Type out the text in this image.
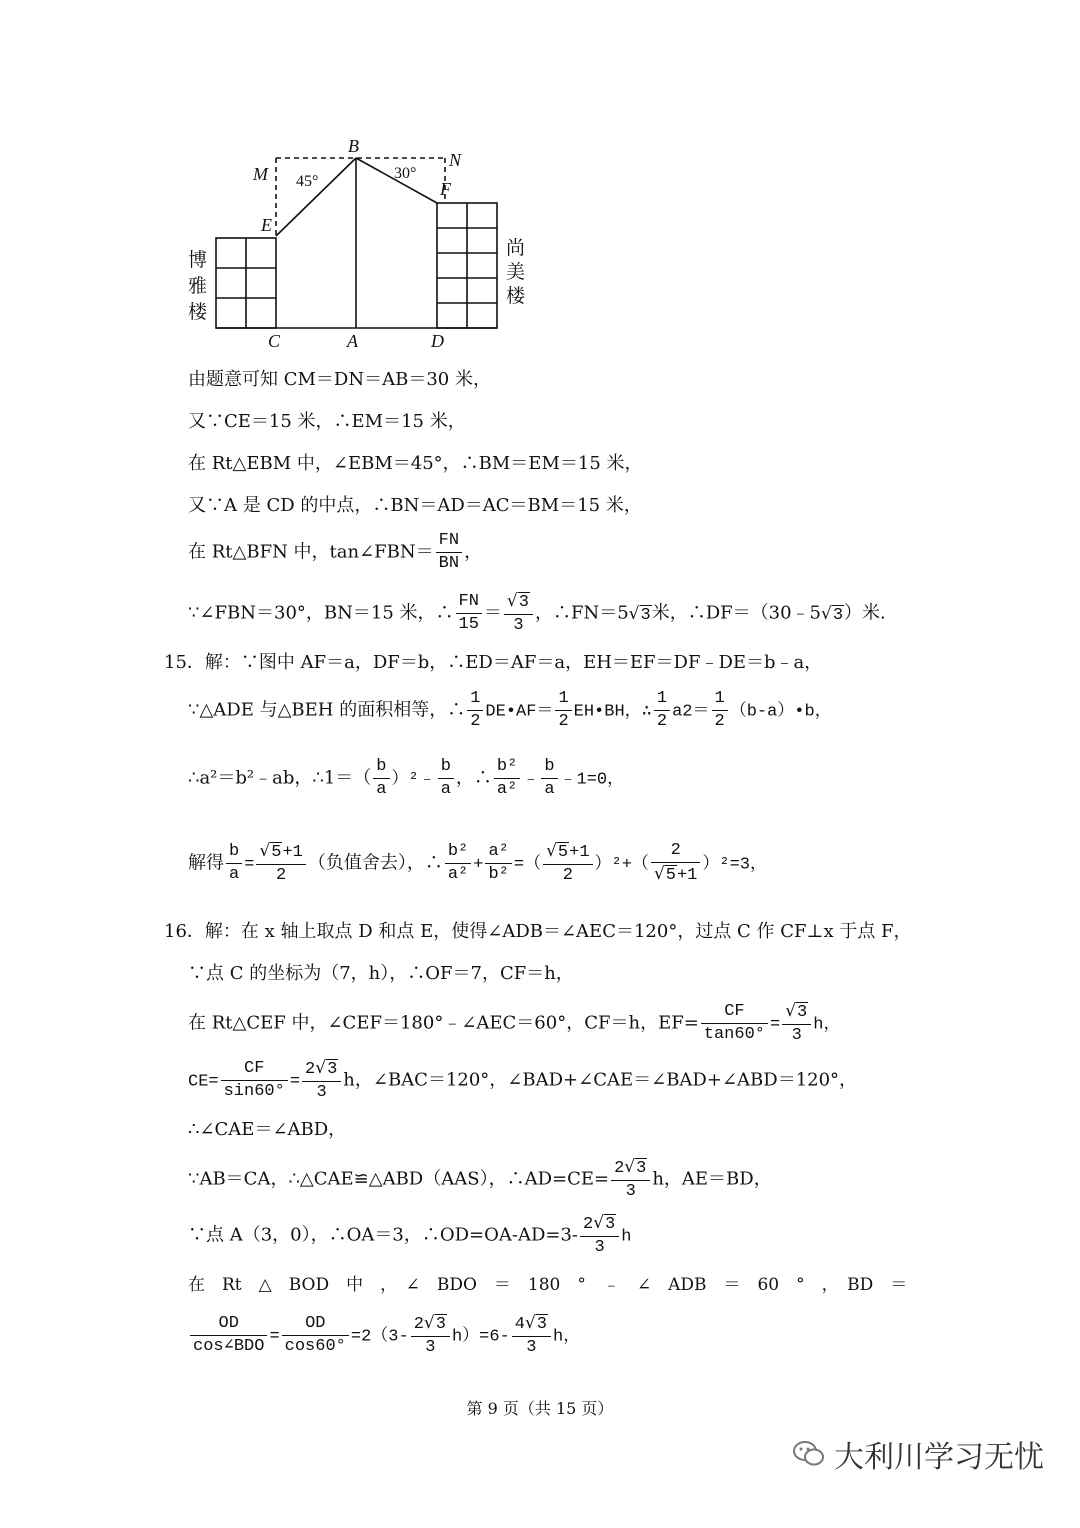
B
N
M
E
F
C	A	D
45°	30°
博
雅
楼
尚
美
楼
由题意可知 CM＝DN＝AB＝30 米，
又∵CE＝15 米，∴EM＝15 米，
在 Rt△EBM 中，∠EBM＝45°，∴BM＝EM＝15 米，
又∵A 是 CD 的中点，∴BN＝AD＝AC＝BM＝15 米，
在 Rt△BFN 中，tan∠FBN＝ $\frac{FN}{BN}$ ，
∵∠FBN＝30°，BN＝15 米，∴ $\frac{FN}{15} = \frac{√3}{3}$ ，∴FN＝5√3米，∴DF＝（30﹣5√3）米.
15．解：∵图中 AF＝a，DF＝b，∴ED＝AF＝a，EH＝EF＝DF﹣DE＝b﹣a，
∵△ADE 与△BEH 的面积相等，∴ $\frac{1}{2}$ DE•AF＝ $\frac{1}{2}$ EH•BH，∴ $\frac{1}{2} a2= \frac{1}{2}$ （b-a）•b，
∴a²＝b²﹣ab，∴1＝（ $\frac{b}{a}$ ）²﹣ $\frac{b}{a}$ ，∴ $\frac{\text{b²}}{\text{a²}}$ ﹣ $\frac{b}{a}$ ﹣1=0，
解得 $\frac{b}{a} = \frac{√5+1}{2}$ （负值舍去），∴ $\frac{\text{b²}}{\text{a²}} + \frac{\text{a²}}{\text{b²}}$ =（ $\frac{√5+1}{2} )^2+( \frac{2}{√5+1} )^2=3$，
16．解：在 x 轴上取点 D 和点 E，使得∠ADB＝∠AEC＝120°，过点 C 作 CF⊥x 于点 F，
∵点 C 的坐标为（7，h），∴OF＝7，CF＝h，
在 Rt△CEF 中，∠CEF＝180°﹣∠AEC＝60°，CF＝h，$EF= \frac{CF}{\tan 60^\circ} = \frac{√3}{3}$ h，
$CE= \frac{CF}{\sin 60^\circ} = \frac{2√3}{3}$ h，∠BAC＝120°，∠BAD+∠CAE＝∠BAD+∠ABD＝120°，
∴∠CAE＝∠ABD，
∵AB＝CA，∴△CAE≌△ABD（AAS），∴AD=CE= $\frac{2√3}{3}$ h，AE＝BD，
∵点 A（3，0），∴OA＝3，∴OD=OA-AD=3- $\frac{2√3}{3}$ h
在　Rt　△　BOD　中　，　∠　BDO　＝　180　°　﹣　∠　ADB　＝　60　°　，　BD　＝
$\frac{OD}{\text{cos∠BDO}} = \frac{OD}{\cos 60^\circ} =2(3- \frac{2√3}{3} h)=6- \frac{4√3}{3}$ h，
第 9 页（共 15 页）
大利川学习无忧
